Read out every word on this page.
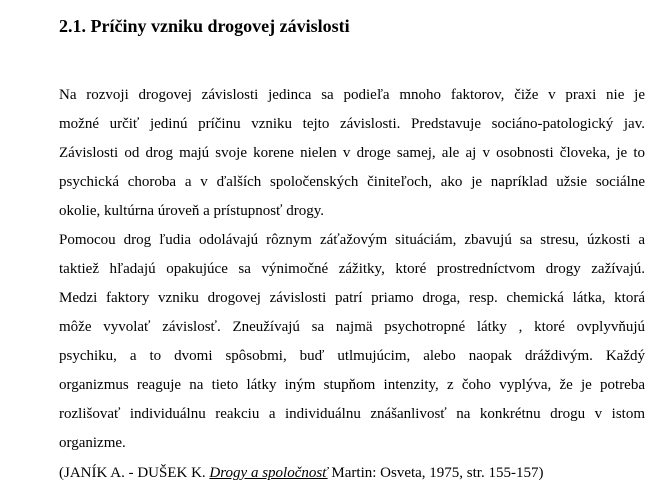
2.1. Príčiny vzniku drogovej závislosti
Na rozvoji drogovej závislosti jedinca sa podieľa mnoho faktorov, čiže v praxi nie je
možné určiť jedinú príčinu vzniku tejto závislosti. Predstavuje sociáno-patologický jav.
Závislosti od drog majú svoje korene nielen v droge samej, ale aj v osobnosti človeka, je to
psychická choroba a v ďalších spoločenských činiteľoch, ako je napríklad užsie sociálne
okolie, kultúrna úroveň a prístupnosť drogy.
Pomocou drog ľudia odolávajú rôznym záťažovým situáciám, zbavujú sa stresu, úzkosti a
taktiež hľadajú opakujúce sa výnimočné zážitky, ktoré prostredníctvom drogy zažívajú.
Medzi faktory vzniku drogovej závislosti patrí priamo droga, resp. chemická látka, ktorá
môže vyvolať závislosť. Zneužívajú sa najmä psychotropné látky , ktoré ovplyvňujú
psychiku, a to dvomi spôsobmi, buď utlmujúcim, alebo naopak dráždivým. Každý
organizmus reaguje na tieto látky iným stupňom intenzity, z čoho vyplýva, že je potreba
rozlišovať individuálnu reakciu a individuálnu znášanlivosť na konkrétnu drogu v istom
organizme.
(JANÍK A. - DUŠEK K. Drogy a spoločnosť Martin: Osveta, 1975, str. 155-157)
